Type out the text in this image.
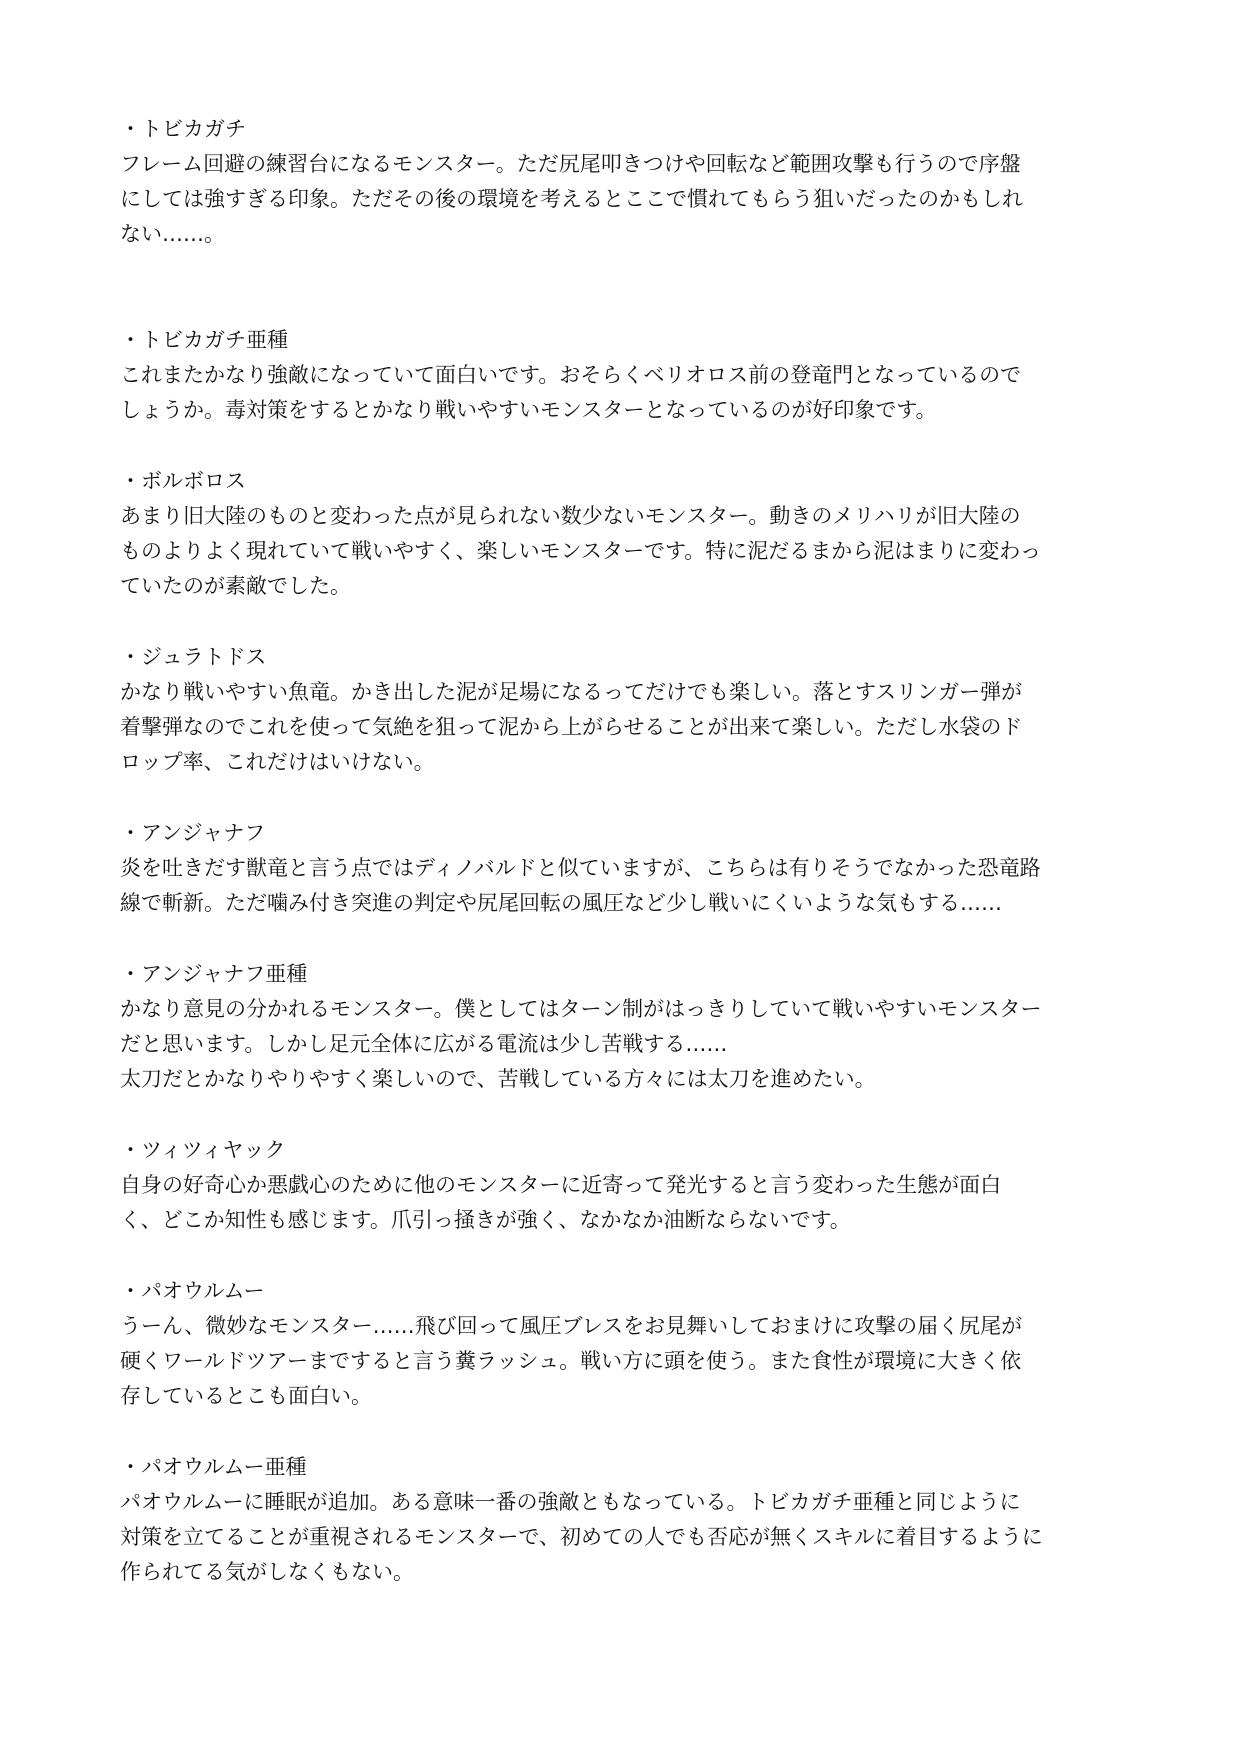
・トビカガチ

フレーム回避の練習台になるモンスター。ただ尻尾叩きつけや回転など範囲攻撃も行うので序盤

にしては強すぎる印象。ただその後の環境を考えるとここで慣れてもらう狙いだったのかもしれ

ない……。

・トビカガチ亜種

これまたかなり強敵になっていて面白いです。おそらくベリオロス前の登竜門となっているので

しょうか。毒対策をするとかなり戦いやすいモンスターとなっているのが好印象です。

・ボルボロス

あまり旧大陸のものと変わった点が見られない数少ないモンスター。動きのメリハリが旧大陸の

ものよりよく現れていて戦いやすく、楽しいモンスターです。特に泥だるまから泥はまりに変わっ

ていたのが素敵でした。

・ジュラトドス

かなり戦いやすい魚竜。かき出した泥が足場になるってだけでも楽しい。落とすスリンガー弾が

着撃弾なのでこれを使って気絶を狙って泥から上がらせることが出来て楽しい。ただし水袋のド

ロップ率、これだけはいけない。

・アンジャナフ

炎を吐きだす獣竜と言う点ではディノバルドと似ていますが、こちらは有りそうでなかった恐竜路

線で斬新。ただ噛み付き突進の判定や尻尾回転の風圧など少し戦いにくいような気もする……

・アンジャナフ亜種

かなり意見の分かれるモンスター。僕としてはターン制がはっきりしていて戦いやすいモンスター

だと思います。しかし足元全体に広がる電流は少し苦戦する……

太刀だとかなりやりやすく楽しいので、苦戦している方々には太刀を進めたい。

・ツィツィヤック

自身の好奇心か悪戯心のために他のモンスターに近寄って発光すると言う変わった生態が面白

く、どこか知性も感じます。爪引っ掻きが強く、なかなか油断ならないです。

・パオウルムー

うーん、微妙なモンスター……飛び回って風圧ブレスをお見舞いしておまけに攻撃の届く尻尾が

硬くワールドツアーまですると言う糞ラッシュ。戦い方に頭を使う。また食性が環境に大きく依

存しているとこも面白い。

・パオウルムー亜種

パオウルムーに睡眠が追加。ある意味一番の強敵ともなっている。トビカガチ亜種と同じように

対策を立てることが重視されるモンスターで、初めての人でも否応が無くスキルに着目するように

作られてる気がしなくもない。
